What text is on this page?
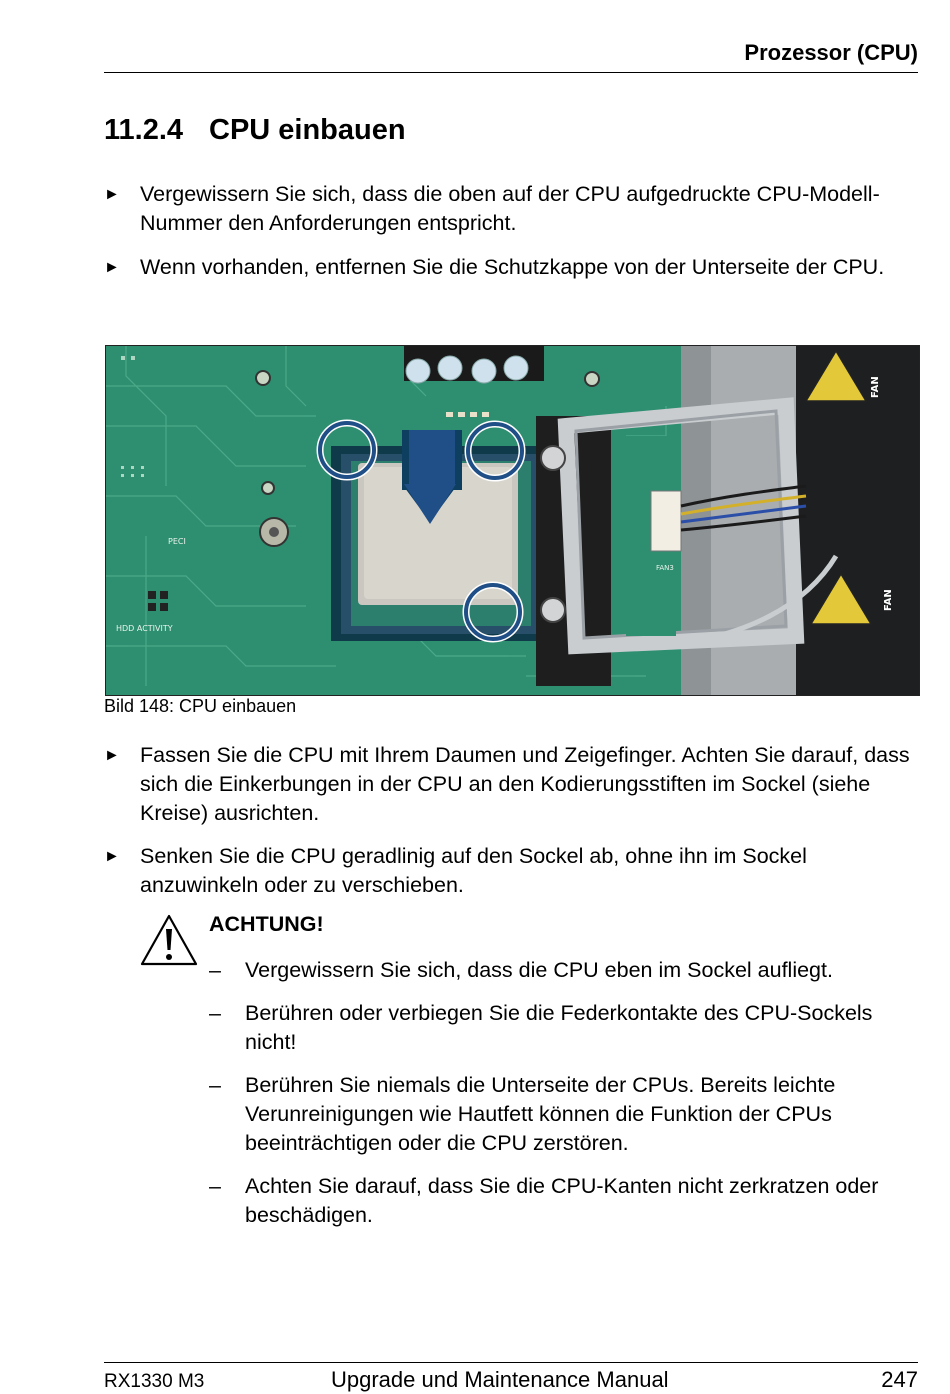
Prozessor (CPU)
11.2.4 CPU einbauen
► Vergewissern Sie sich, dass die oben auf der CPU aufgedruckte CPU-Modell-Nummer den Anforderungen entspricht.
► Wenn vorhanden, entfernen Sie die Schutzkappe von der Unterseite der CPU.
HDD ACTIVITY
PECI
FAN3
FAN
FAN
Bild 148: CPU einbauen
► Fassen Sie die CPU mit Ihrem Daumen und Zeigefinger. Achten Sie darauf, dass sich die Einkerbungen in der CPU an den Kodierungsstiften im Sockel (siehe Kreise) ausrichten.
► Senken Sie die CPU geradlinig auf den Sockel ab, ohne ihn im Sockel anzuwinkeln oder zu verschieben.
ACHTUNG!
– Vergewissern Sie sich, dass die CPU eben im Sockel aufliegt.
– Berühren oder verbiegen Sie die Federkontakte des CPU-Sockels nicht!
– Berühren Sie niemals die Unterseite der CPUs. Bereits leichte Verunreinigungen wie Hautfett können die Funktion der CPUs beeinträchtigen oder die CPU zerstören.
– Achten Sie darauf, dass Sie die CPU-Kanten nicht zerkratzen oder beschädigen.
RX1330 M3	Upgrade und Maintenance Manual	247
